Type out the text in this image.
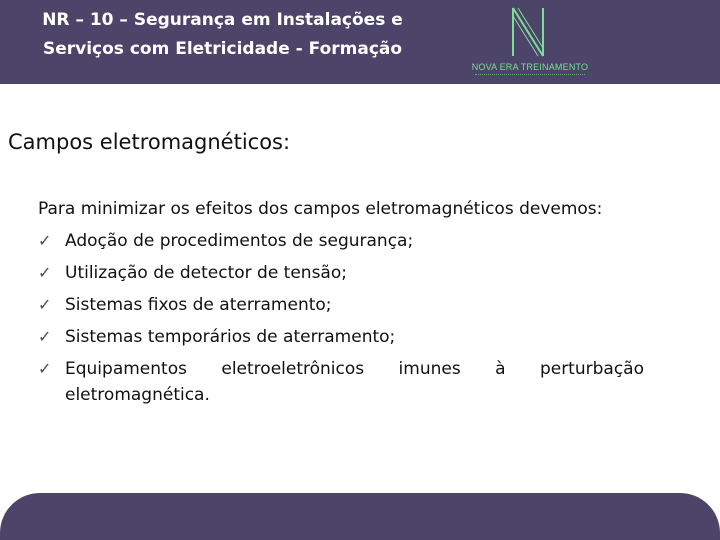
NR – 10 – Segurança em Instalações e
Serviços com Eletricidade - Formação
NOVA ERA TREINAMENTO
Campos eletromagnéticos:

Para minimizar os efeitos dos campos eletromagnéticos devemos:

✓ Adoção de procedimentos de segurança;
✓ Utilização de detector de tensão;
✓ Sistemas fixos de aterramento;
✓ Sistemas temporários de aterramento;
✓ Equipamentos eletroeletrônicos imunes à perturbação eletromagnética.
